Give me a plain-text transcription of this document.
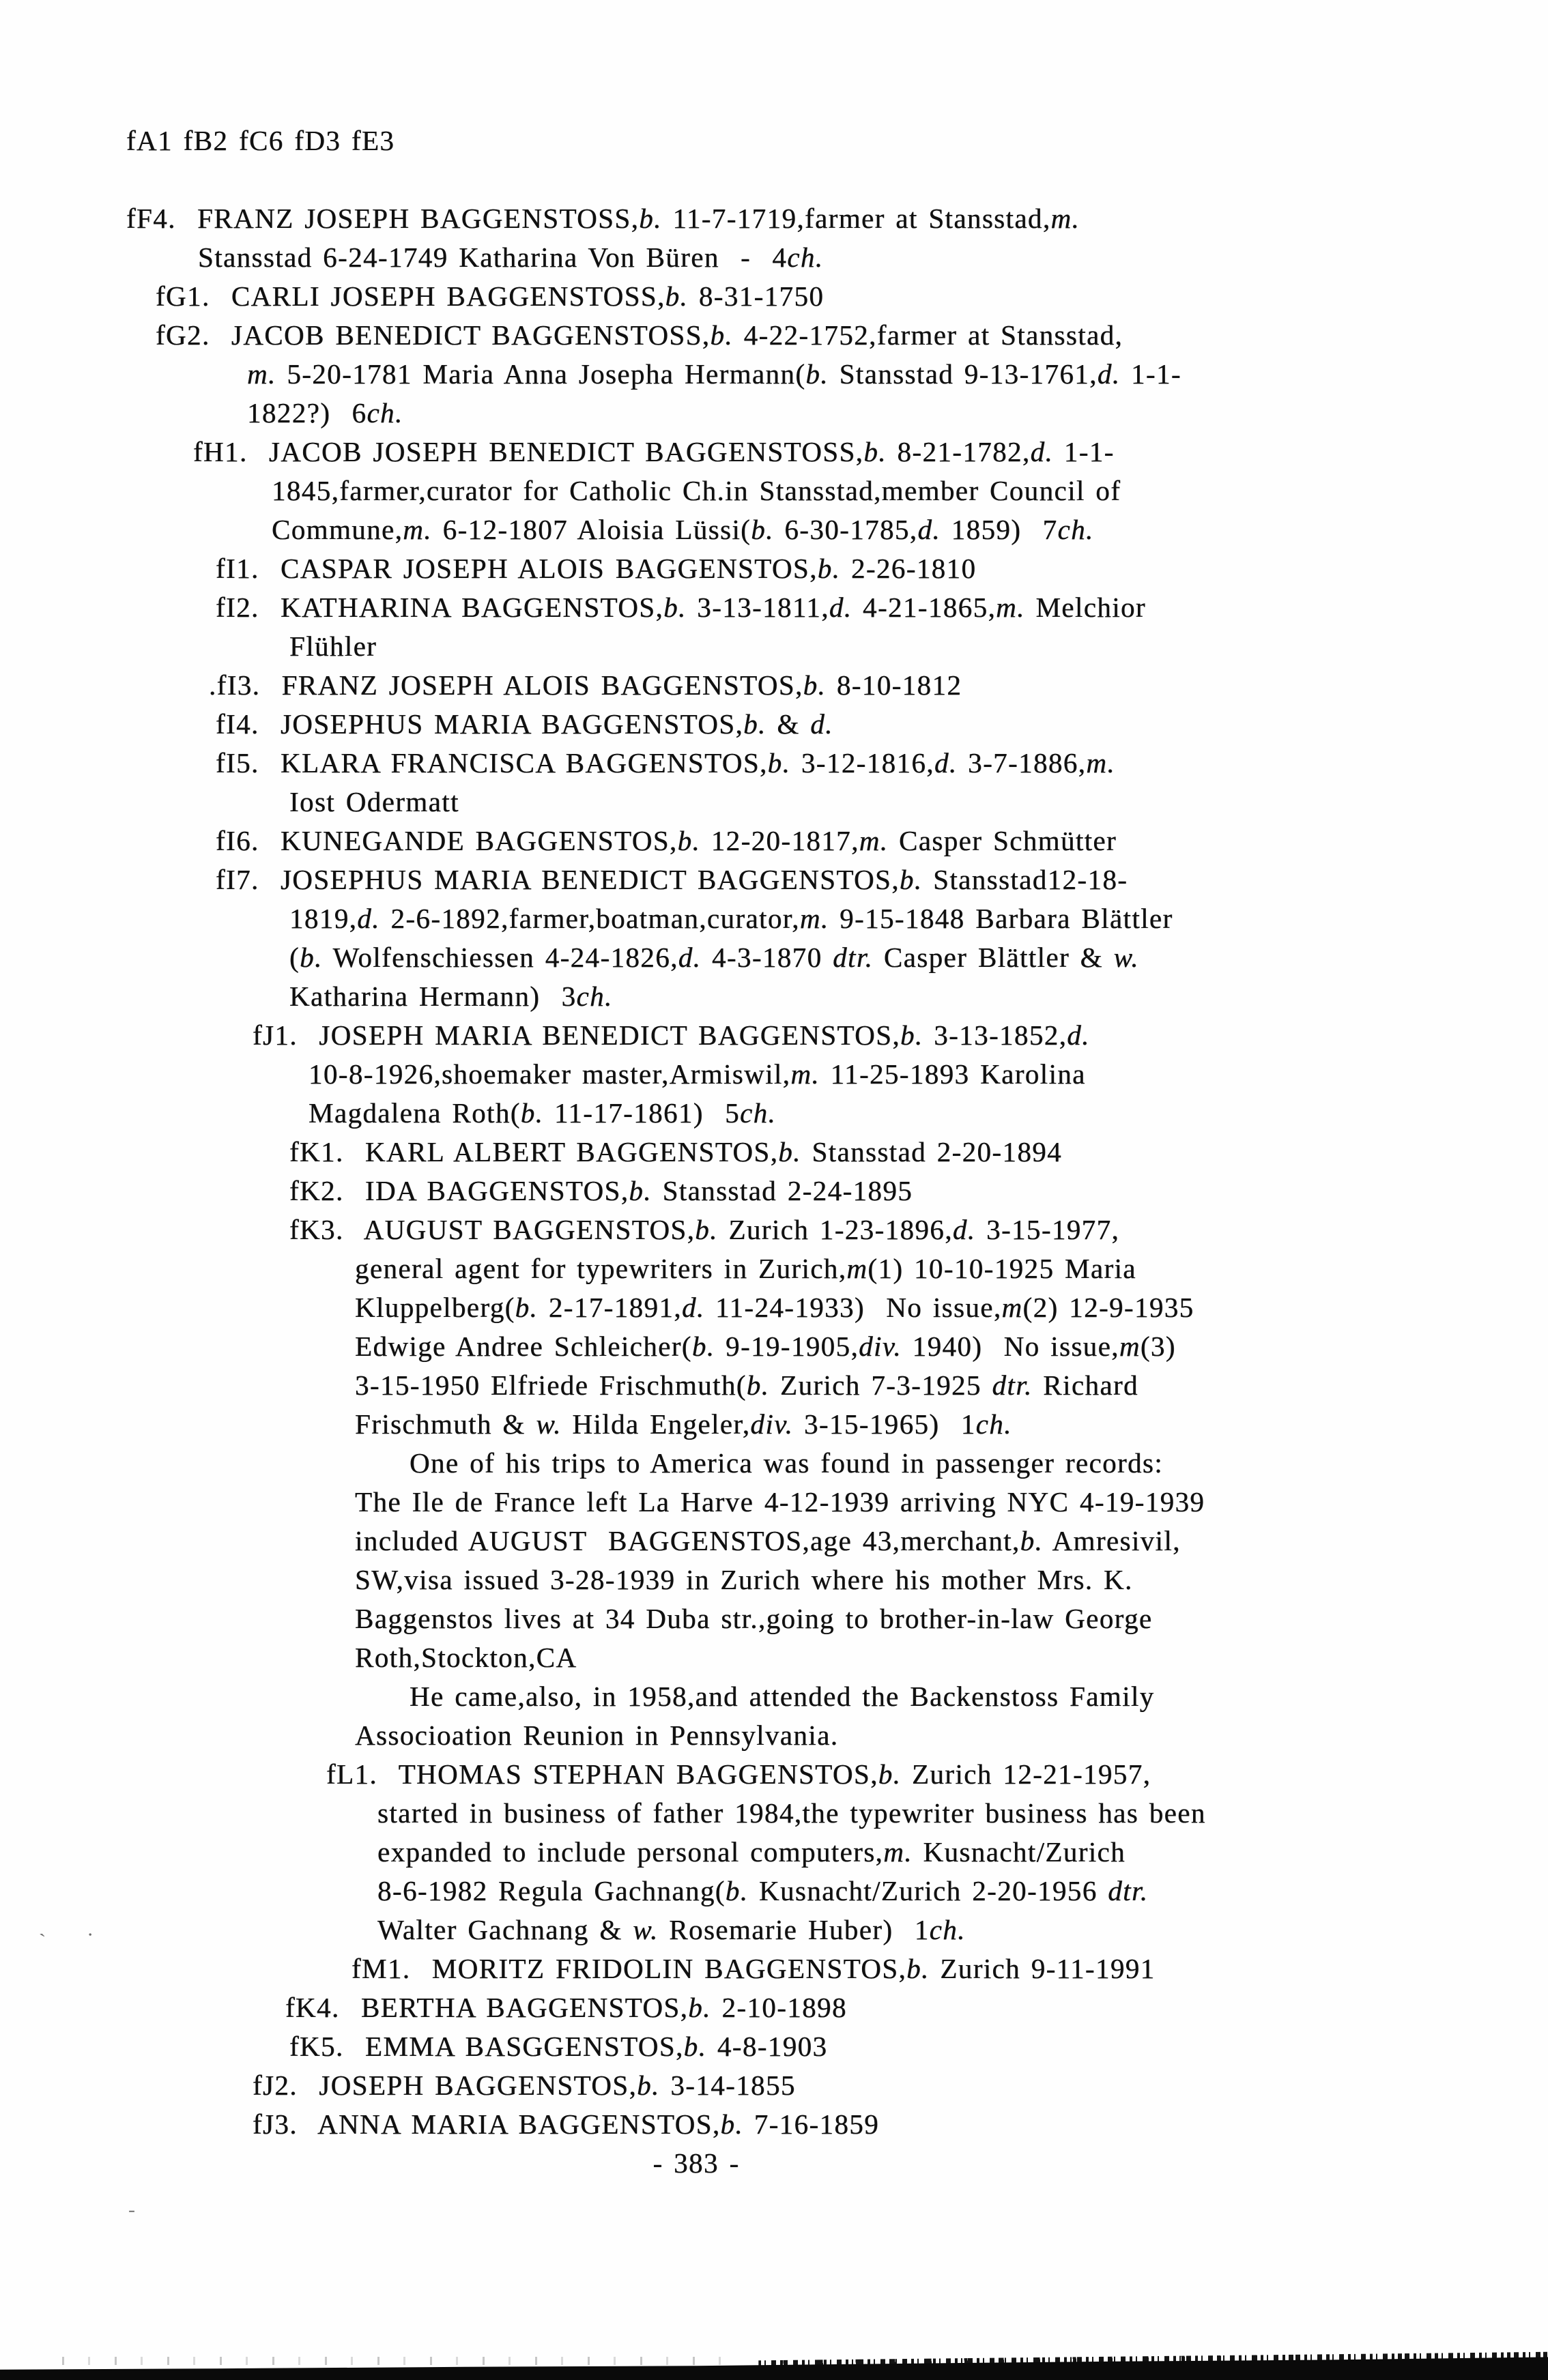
fA1 fB2 fC6 fD3 fE3
fF4.  FRANZ JOSEPH BAGGENSTOSS,b. 11-7-1719,farmer at Stansstad,m.
Stansstad 6-24-1749 Katharina Von Büren  -  4ch.
fG1.  CARLI JOSEPH BAGGENSTOSS,b. 8-31-1750
fG2.  JACOB BENEDICT BAGGENSTOSS,b. 4-22-1752,farmer at Stansstad,
m. 5-20-1781 Maria Anna Josepha Hermann(b. Stansstad 9-13-1761,d. 1-1-
1822?)  6ch.
fH1.  JACOB JOSEPH BENEDICT BAGGENSTOSS,b. 8-21-1782,d. 1-1-
1845,farmer,curator for Catholic Ch.in Stansstad,member Council of
Commune,m. 6-12-1807 Aloisia Lüssi(b. 6-30-1785,d. 1859)  7ch.
fI1.  CASPAR JOSEPH ALOIS BAGGENSTOS,b. 2-26-1810
fI2.  KATHARINA BAGGENSTOS,b. 3-13-1811,d. 4-21-1865,m. Melchior
Flühler
.fI3.  FRANZ JOSEPH ALOIS BAGGENSTOS,b. 8-10-1812
fI4.  JOSEPHUS MARIA BAGGENSTOS,b. & d.
fI5.  KLARA FRANCISCA BAGGENSTOS,b. 3-12-1816,d. 3-7-1886,m.
Iost Odermatt
fI6.  KUNEGANDE BAGGENSTOS,b. 12-20-1817,m. Casper Schmütter
fI7.  JOSEPHUS MARIA BENEDICT BAGGENSTOS,b. Stansstad12-18-
1819,d. 2-6-1892,farmer,boatman,curator,m. 9-15-1848 Barbara Blättler
(b. Wolfenschiessen 4-24-1826,d. 4-3-1870 dtr. Casper Blättler & w.
Katharina Hermann)  3ch.
fJ1.  JOSEPH MARIA BENEDICT BAGGENSTOS,b. 3-13-1852,d.
10-8-1926,shoemaker master,Armiswil,m. 11-25-1893 Karolina
Magdalena Roth(b. 11-17-1861)  5ch.
fK1.  KARL ALBERT BAGGENSTOS,b. Stansstad 2-20-1894
fK2.  IDA BAGGENSTOS,b. Stansstad 2-24-1895
fK3.  AUGUST BAGGENSTOS,b. Zurich 1-23-1896,d. 3-15-1977,
general agent for typewriters in Zurich,m(1) 10-10-1925 Maria
Kluppelberg(b. 2-17-1891,d. 11-24-1933)  No issue,m(2) 12-9-1935
Edwige Andree Schleicher(b. 9-19-1905,div. 1940)  No issue,m(3)
3-15-1950 Elfriede Frischmuth(b. Zurich 7-3-1925 dtr. Richard
Frischmuth & w. Hilda Engeler,div. 3-15-1965)  1ch.
One of his trips to America was found in passenger records:
The Ile de France left La Harve 4-12-1939 arriving NYC 4-19-1939
included AUGUST  BAGGENSTOS,age 43,merchant,b. Amresivil,
SW,visa issued 3-28-1939 in Zurich where his mother Mrs. K.
Baggenstos lives at 34 Duba str.,going to brother-in-law George
Roth,Stockton,CA
He came,also, in 1958,and attended the Backenstoss Family
Associoation Reunion in Pennsylvania.
fL1.  THOMAS STEPHAN BAGGENSTOS,b. Zurich 12-21-1957,
started in business of father 1984,the typewriter business has been
expanded to include personal computers,m. Kusnacht/Zurich
8-6-1982 Regula Gachnang(b. Kusnacht/Zurich 2-20-1956 dtr.
Walter Gachnang & w. Rosemarie Huber)  1ch.
fM1.  MORITZ FRIDOLIN BAGGENSTOS,b. Zurich 9-11-1991
fK4.  BERTHA BAGGENSTOS,b. 2-10-1898
fK5.  EMMA BASGGENSTOS,b. 4-8-1903
fJ2.  JOSEPH BAGGENSTOS,b. 3-14-1855
fJ3.  ANNA MARIA BAGGENSTOS,b. 7-16-1859
- 383 -
` ·
-
